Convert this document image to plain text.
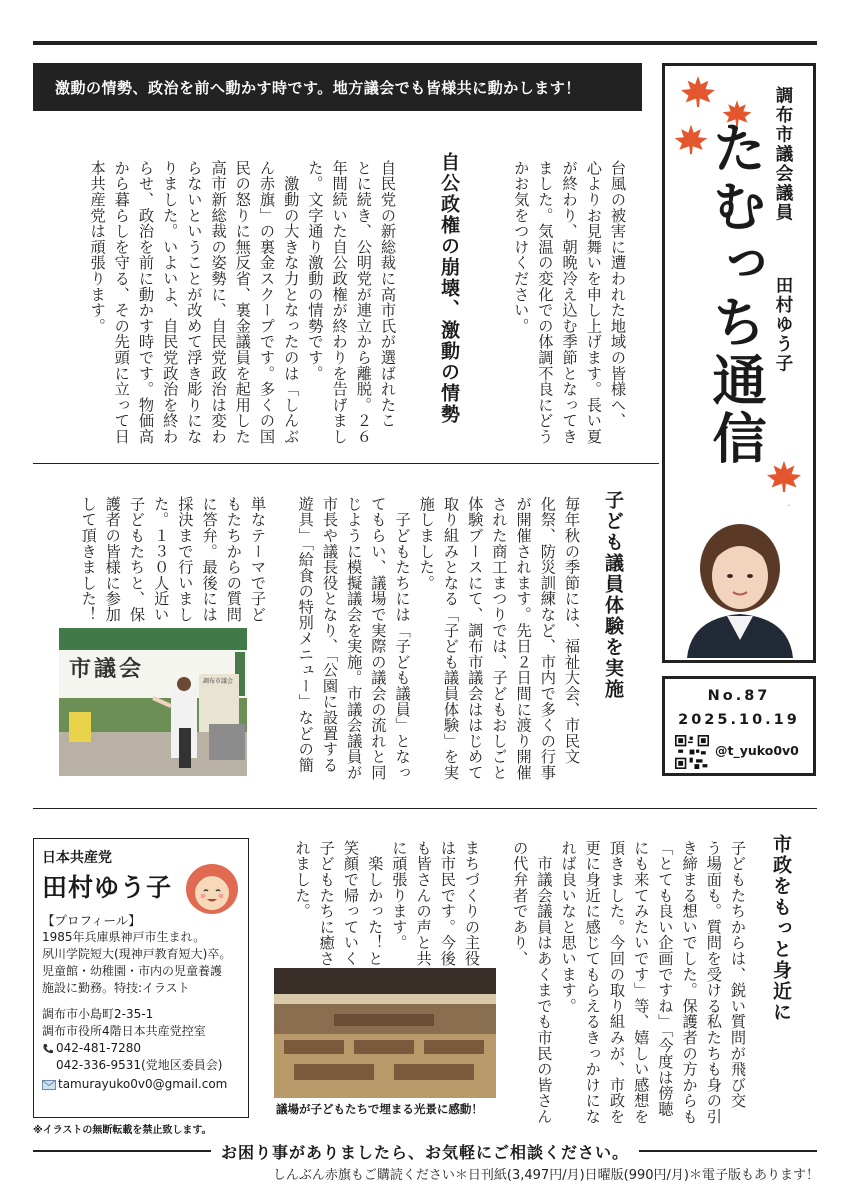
激動の情勢、政治を前へ動かす時です。地方議会でも皆様共に動かします！	調布市議会議員
田村ゆう子
たむっち通信
No.87
2025.10.19
@t_yuko0v0
台風の被害に遭われた地域の皆様へ、
心よりお見舞いを申し上げます。長い夏
が終わり、朝晩冷え込む季節となってき
ました。気温の変化での体調不良にどう
かお気をつけください。
自公政権の崩壊、激動の情勢
自民党の新総裁に高市氏が選ばれたこ
とに続き、公明党が連立から離脱。２６
年間続いた自公政権が終わりを告げまし
た。文字通り激動の情勢です。
　激動の大きな力となったのは「しんぶ
ん赤旗」の裏金スクープです。多くの国
民の怒りに無反省、裏金議員を起用した
高市新総裁の姿勢に、自民党政治は変わ
らないということが改めて浮き彫りにな
りました。いよいよ、自民党政治を終わ
らせ、政治を前に動かす時です。物価高
から暮らしを守る、その先頭に立って日
本共産党は頑張ります。
子ども議員体験を実施
毎年秋の季節には、福祉大会、市民文
化祭、防災訓練など、市内で多くの行事
が開催されます。先日２日間に渡り開催
された商工まつりでは、子どもおしごと
体験ブースにて、調布市議会ははじめて
取り組みとなる「子ども議員体験」を実
施しました。
　子どもたちには「子ども議員」となっ
てもらい、議場で実際の議会の流れと同
じように模擬議会を実施。市議会議員が
市長や議長役となり、「公園に設置する
遊具」「給食の特別メニュー」などの簡
単なテーマで子ど
もたちからの質問
に答弁。最後には
採決まで行いまし
た。１３０人近い
子どもたちと、保
護者の皆様に参加
して頂きました！
市議会	調布市議会
市政をもっと身近に
子どもたちからは、鋭い質問が飛び交
う場面も。質問を受ける私たちも身の引
き締まる想いでした。保護者の方からも
「とても良い企画ですね」「今度は傍聴
にも来てみたいです」等、嬉しい感想を
頂きました。今回の取り組みが、市政を
更に身近に感じてもらえるきっかけにな
れば良いなと思います。
　市議会議員はあくまでも市民の皆さん
の代弁者であり、
まちづくりの主役
は市民です。今後
も皆さんの声と共
に頑張ります。
　楽しかった！と
笑顔で帰っていく
子どもたちに癒さ
れました。
議場が子どもたちで埋まる光景に感動！
日本共産党
田村ゆう子
【プロフィール】
1985年兵庫県神戸市生まれ。
夙川学院短大(現神戸教育短大)卒。
児童館・幼稚園・市内の児童養護
施設に勤務。特技:イラスト
調布市小島町2-35-1
調布市役所4階日本共産党控室
042-481-7280
042-336-9531(党地区委員会)
tamurayuko0v0@gmail.com
※イラストの無断転載を禁止致します。
お困り事がありましたら、お気軽にご相談ください。
しんぶん赤旗もご購読ください＊日刊紙(3,497円/月)日曜版(990円/月)＊電子版もあります！
